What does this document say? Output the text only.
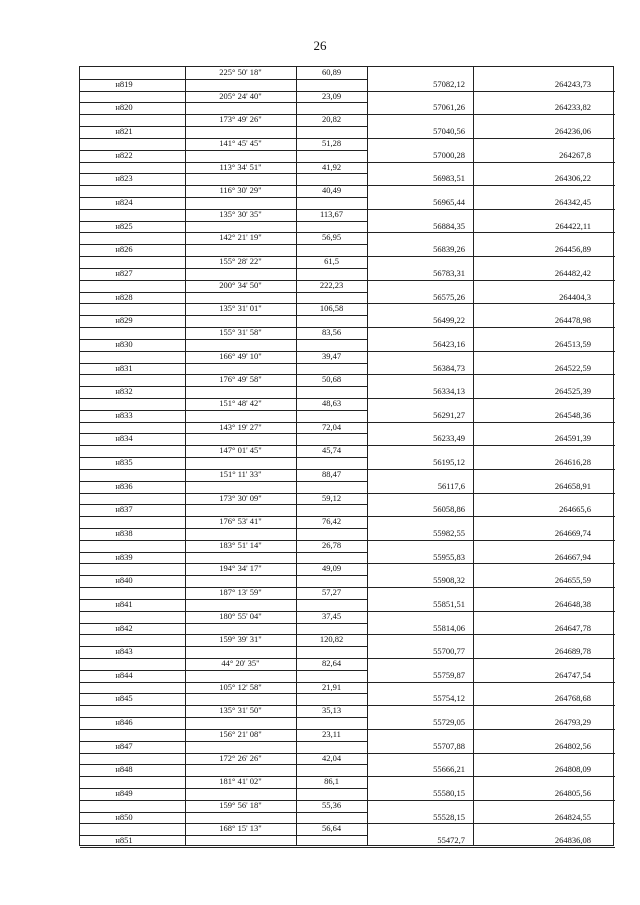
26
225° 50' 18"	60,89
н819	57082,12	264243,73
205° 24' 40"	23,09
н820	57061,26	264233,82
173° 49' 26"	20,82
н821	57040,56	264236,06
141° 45' 45"	51,28
н822	57000,28	264267,8
113° 34' 51"	41,92
н823	56983,51	264306,22
116° 30' 29"	40,49
н824	56965,44	264342,45
135° 30' 35"	113,67
н825	56884,35	264422,11
142° 21' 19"	56,95
н826	56839,26	264456,89
155° 28' 22"	61,5
н827	56783,31	264482,42
200° 34' 50"	222,23
н828	56575,26	264404,3
135° 31' 01"	106,58
н829	56499,22	264478,98
155° 31' 58"	83,56
н830	56423,16	264513,59
166° 49' 10"	39,47
н831	56384,73	264522,59
176° 49' 58"	50,68
н832	56334,13	264525,39
151° 48' 42"	48,63
н833	56291,27	264548,36
143° 19' 27"	72,04
н834	56233,49	264591,39
147° 01' 45"	45,74
н835	56195,12	264616,28
151° 11' 33"	88,47
н836	56117,6	264658,91
173° 30' 09"	59,12
н837	56058,86	264665,6
176° 53' 41"	76,42
н838	55982,55	264669,74
183° 51' 14"	26,78
н839	55955,83	264667,94
194° 34' 17"	49,09
н840	55908,32	264655,59
187° 13' 59"	57,27
н841	55851,51	264648,38
180° 55' 04"	37,45
н842	55814,06	264647,78
159° 39' 31"	120,82
н843	55700,77	264689,78
44° 20' 35"	82,64
н844	55759,87	264747,54
105° 12' 58"	21,91
н845	55754,12	264768,68
135° 31' 50"	35,13
н846	55729,05	264793,29
156° 21' 08"	23,11
н847	55707,88	264802,56
172° 26' 26"	42,04
н848	55666,21	264808,09
181° 41' 02"	86,1
н849	55580,15	264805,56
159° 56' 18"	55,36
н850	55528,15	264824,55
168° 15' 13"	56,64
н851	55472,7	264836,08
